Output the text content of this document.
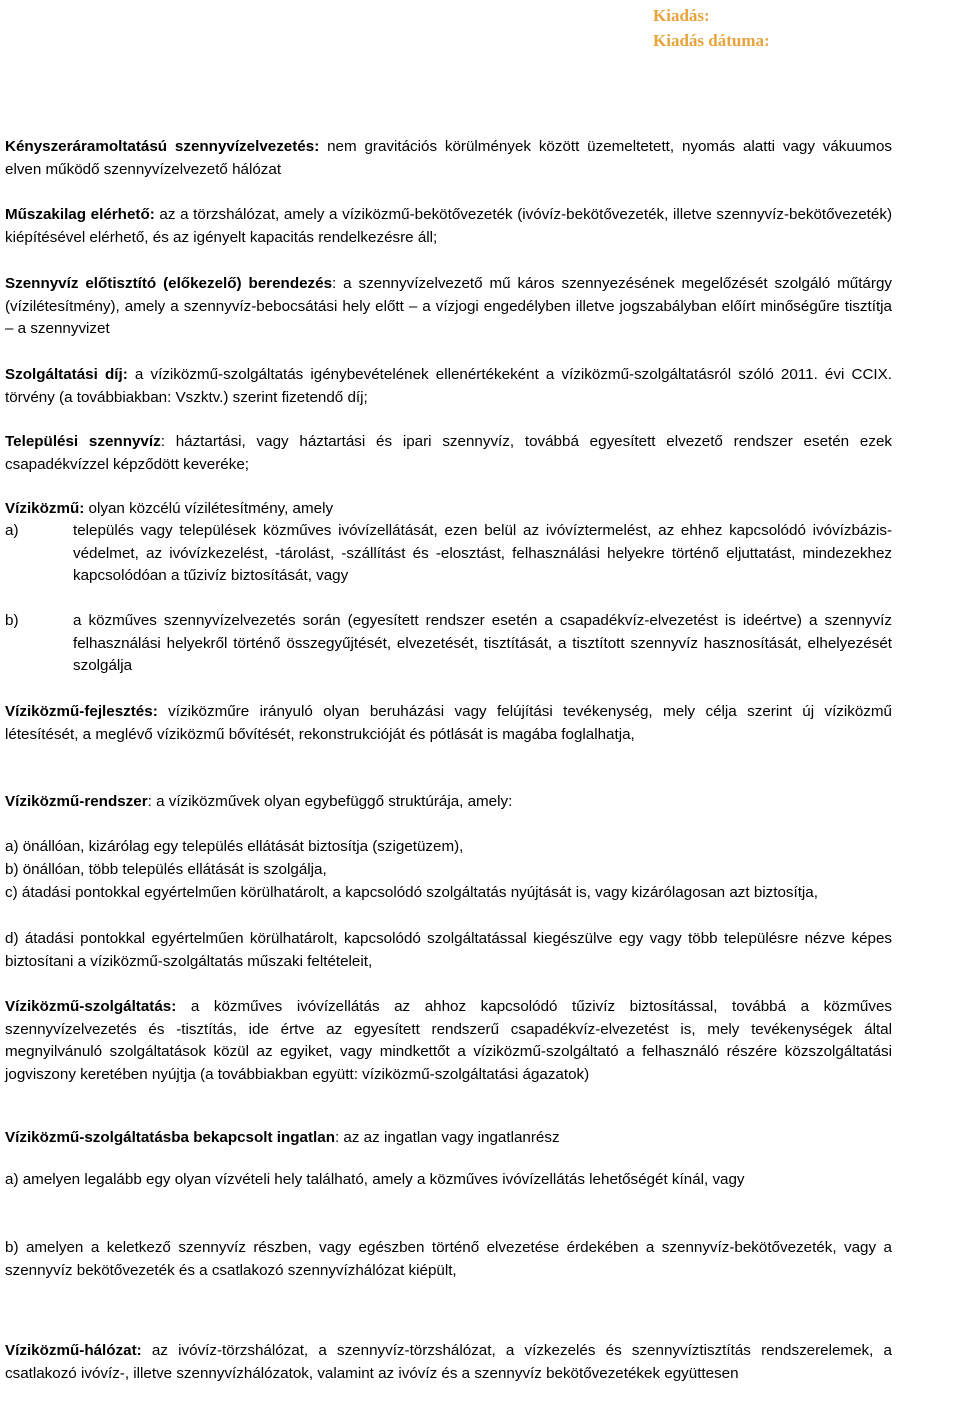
Fővárosi
Csatornázási
Művek Zrt.
VSZ-40/2015.
ÜZLETSZABÁLYZAT
Kiadás: 2.0
Kiadás dátuma: 2015.12.08.
Oldalak száma: 11/128
Kényszeráramoltatású szennyvízelvezetés: nem gravitációs körülmények között üzemeltetett, nyomás alatti vagy vákuumos elven működő szennyvízelvezető hálózat
Műszakilag elérhető: az a törzshálózat, amely a víziközmű-bekötővezeték (ivóvíz-bekötővezeték, illetve szennyvíz-bekötővezeték) kiépítésével elérhető, és az igényelt kapacitás rendelkezésre áll;
Szennyvíz előtisztító (előkezelő) berendezés: a szennyvízelvezető mű káros szennyezésének megelőzését szolgáló műtárgy (vízilétesítmény), amely a szennyvíz-bebocsátási hely előtt – a vízjogi engedélyben illetve jogszabályban előírt minőségűre tisztítja – a szennyvizet
Szolgáltatási díj: a víziközmű-szolgáltatás igénybevételének ellenértékeként a víziközmű-szolgáltatásról szóló 2011. évi CCIX. törvény (a továbbiakban: Vszktv.) szerint fizetendő díj;
Települési szennyvíz: háztartási, vagy háztartási és ipari szennyvíz, továbbá egyesített elvezető rendszer esetén ezek csapadékvízzel képződött keveréke;
Víziközmű: olyan közcélú vízilétesítmény, amely
a)	település vagy települések közműves ivóvízellátását, ezen belül az ivóvíztermelést, az ehhez kapcsolódó ivóvízbázis-védelmet, az ivóvízkezelést, -tárolást, -szállítást és -elosztást, felhasználási helyekre történő eljuttatást, mindezekhez kapcsolódóan a tűzivíz biztosítását, vagy
b)	a közműves szennyvízelvezetés során (egyesített rendszer esetén a csapadékvíz-elvezetést is ideértve) a szennyvíz felhasználási helyekről történő összegyűjtését, elvezetését, tisztítását, a tisztított szennyvíz hasznosítását, elhelyezését szolgálja
Víziközmű-fejlesztés: víziközműre irányuló olyan beruházási vagy felújítási tevékenység, mely célja szerint új víziközmű létesítését, a meglévő víziközmű bővítését, rekonstrukcióját és pótlását is magába foglalhatja,
Víziközmű-rendszer: a víziközművek olyan egybefüggő struktúrája, amely:
a) önállóan, kizárólag egy település ellátását biztosítja (szigetüzem),
b) önállóan, több település ellátását is szolgálja,
c) átadási pontokkal egyértelműen körülhatárolt, a kapcsolódó szolgáltatás nyújtását is, vagy kizárólagosan azt biztosítja,
d) átadási pontokkal egyértelműen körülhatárolt, kapcsolódó szolgáltatással kiegészülve egy vagy több településre nézve képes biztosítani a víziközmű-szolgáltatás műszaki feltételeit,
Víziközmű-szolgáltatás: a közműves ivóvízellátás az ahhoz kapcsolódó tűzivíz biztosítással, továbbá a közműves szennyvízelvezetés és -tisztítás, ide értve az egyesített rendszerű csapadékvíz-elvezetést is, mely tevékenységek által megnyilvánuló szolgáltatások közül az egyiket, vagy mindkettőt a víziközmű-szolgáltató a felhasználó részére közszolgáltatási jogviszony keretében nyújtja (a továbbiakban együtt: víziközmű-szolgáltatási ágazatok)
Víziközmű-szolgáltatásba bekapcsolt ingatlan: az az ingatlan vagy ingatlanrész
a) amelyen legalább egy olyan vízvételi hely található, amely a közműves ivóvízellátás lehetőségét kínál, vagy
b) amelyen a keletkező szennyvíz részben, vagy egészben történő elvezetése érdekében a szennyvíz-bekötővezeték, vagy a szennyvíz bekötővezeték és a csatlakozó szennyvízhálózat kiépült,
Víziközmű-hálózat: az ivóvíz-törzshálózat, a szennyvíz-törzshálózat, a vízkezelés és szennyvíztisztítás rendszerelemek, a csatlakozó ivóvíz-, illetve szennyvízhálózatok, valamint az ivóvíz és a szennyvíz bekötővezetékek együttesen
